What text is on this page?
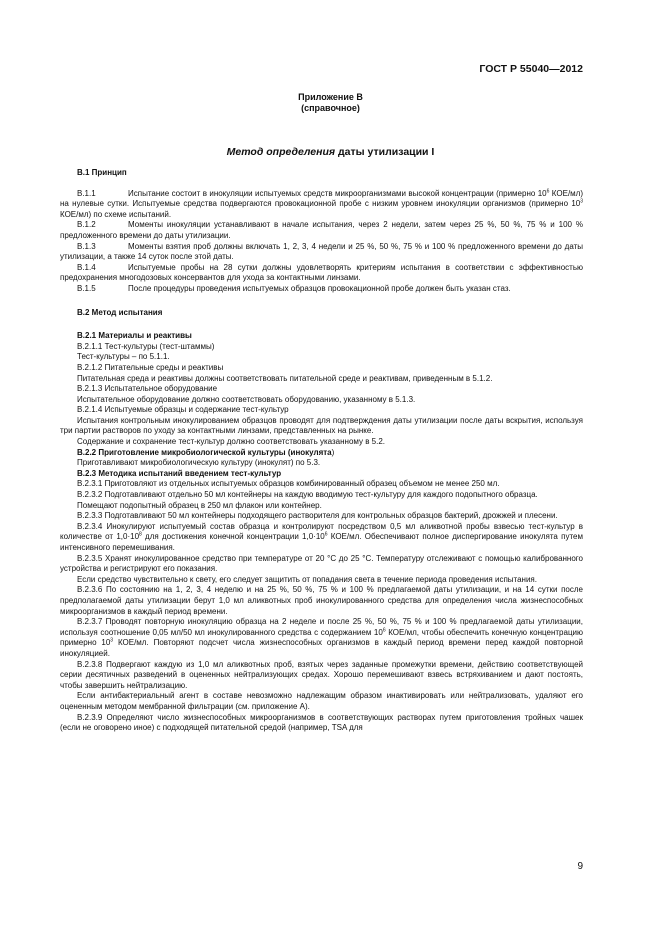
ГОСТ Р 55040—2012
Приложение В
(справочное)
Метод определения даты утилизации I

В.1 Принцип

В.1.1	Испытание состоит в инокуляции испытуемых средств микроорганизмами высокой концентрации (примерно $10^6$ КОЕ/мл) на нулевые сутки. Испытуемые средства подвергаются провокационной пробе с низким уровнем инокуляции организмов (примерно $10^3$ КОЕ/мл) по схеме испытаний.

В.1.2	Моменты инокуляции устанавливают в начале испытания, через 2 недели, затем через 25 %, 50 %, 75 % и 100 % предложенного времени до даты утилизации.

В.1.3	Моменты взятия проб должны включать 1, 2, 3, 4 недели и 25 %, 50 %, 75 % и 100 % предложенного времени до даты утилизации, а также 14 суток после этой даты.

В.1.4	Испытуемые пробы на 28 сутки должны удовлетворять критериям испытания в соответствии с эффективностью предохранения многодозовых консервантов для ухода за контактными линзами.

В.1.5	После процедуры проведения испытуемых образцов провокационной пробе должен быть указан стаз.

В.2 Метод испытания

В.2.1 Материалы и реактивы

В.2.1.1 Тест-культуры (тест-штаммы)

Тест-культуры – по 5.1.1.

В.2.1.2 Питательные среды и реактивы

Питательная среда и реактивы должны соответствовать питательной среде и реактивам, приведенным в 5.1.2.

В.2.1.3 Испытательное оборудование

Испытательное оборудование должно соответствовать оборудованию, указанному в 5.1.3.

В.2.1.4 Испытуемые образцы и содержание тест-культур

Испытания контрольным инокулированием образцов проводят для подтверждения даты утилизации после даты вскрытия, используя три партии растворов по уходу за контактными линзами, представленных на рынке.

Содержание и сохранение тест-культур должно соответствовать указанному в 5.2.

В.2.2 Приготовление микробиологической культуры (инокулята)

Приготавливают микробиологическую культуру (инокулят) по 5.3.

В.2.3 Методика испытаний введением тест-культур

В.2.3.1 Приготовляют из отдельных испытуемых образцов комбинированный образец объемом не менее 250 мл.

В.2.3.2 Подготавливают отдельно 50 мл контейнеры на каждую вводимую тест-культуру для каждого подопытного образца.

Помещают подопытный образец в 250 мл флакон или контейнер.

В.2.3.3 Подготавливают 50 мл контейнеры подходящего растворителя для контрольных образцов бактерий, дрожжей и плесени.

В.2.3.4 Инокулируют испытуемый состав образца и контролируют посредством 0,5 мл аликвотной пробы взвесью тест-культур в количестве от $1,0\cdot 10^8$ для достижения конечной концентрации $1,0\cdot 10^6$ КОЕ/мл. Обеспечивают полное диспергирование инокулята путем интенсивного перемешивания.

В.2.3.5 Хранят инокулированное средство при температуре от 20 °С до 25 °С. Температуру отслеживают с помощью калиброванного устройства и регистрируют его показания.

Если средство чувствительно к свету, его следует защитить от попадания света в течение периода проведения испытания.

В.2.3.6 По состоянию на 1, 2, 3, 4 неделю и на 25 %, 50 %, 75 % и 100 % предлагаемой даты утилизации, и на 14 сутки после предполагаемой даты утилизации берут 1,0 мл аликвотных проб инокулированного средства для определения числа жизнеспособных микроорганизмов в каждый период времени.

В.2.3.7 Проводят повторную инокуляцию образца на 2 неделе и после 25 %, 50 %, 75 % и 100 % предлагаемой даты утилизации, используя соотношение 0,05 мл/50 мл инокулированного средства с содержанием $10^6$ КОЕ/мл, чтобы обеспечить конечную концентрацию примерно $10^3$ КОЕ/мл. Повторяют подсчет числа жизнеспособных организмов в каждый период времени перед каждой повторной инокуляцией.

В.2.3.8 Подвергают каждую из 1,0 мл аликвотных проб, взятых через заданные промежутки времени, действию соответствующей серии десятичных разведений в оцененных нейтрализующих средах. Хорошо перемешивают взвесь встряхиванием и дают постоять, чтобы завершить нейтрализацию.

Если антибактериальный агент в составе невозможно надлежащим образом инактивировать или нейтрализовать, удаляют его оцененным методом мембранной фильтрации (см. приложение А).

В.2.3.9 Определяют число жизнеспособных микроорганизмов в соответствующих растворах путем приготовления тройных чашек (если не оговорено иное) с подходящей питательной средой (например, TSA для

9
